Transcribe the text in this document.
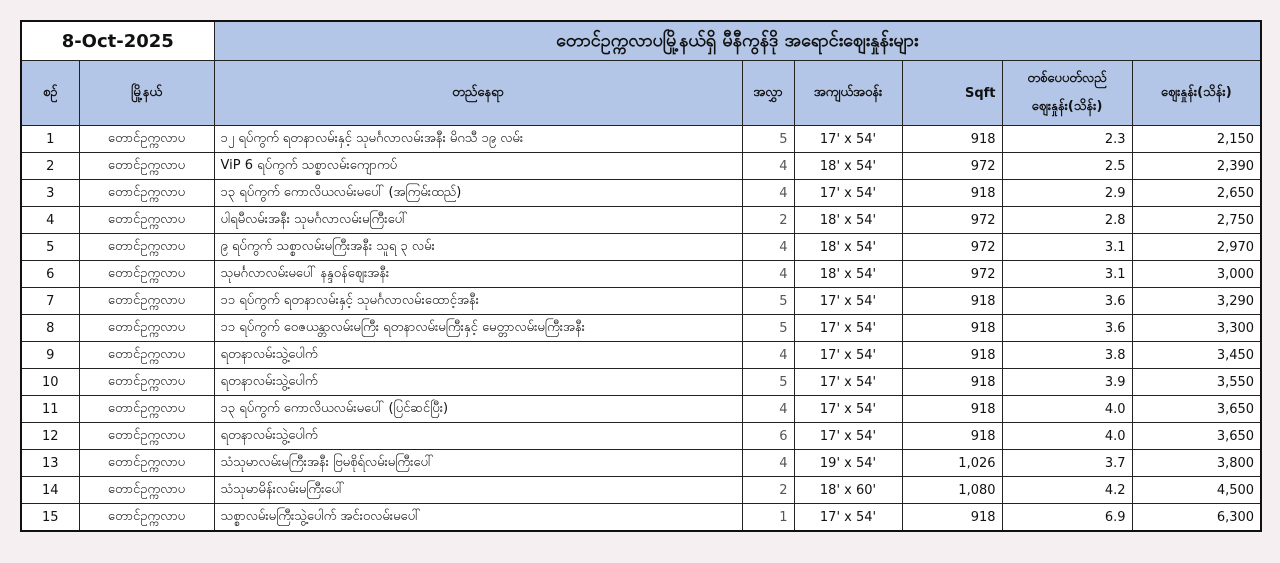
8-Oct-2025		တောင်ဥက္ကလာပမြို့နယ်ရှိ မီနီကွန်ဒို အရောင်းဈေးနှုန်းများ					
စဉ်	မြို့နယ်	တည်နေရာ	အလွှာ	အကျယ်အဝန်း	Sqft	တစ်ပေပတ်လည် ဈေးနှုန်း(သိန်း)	ဈေးနှုန်း(သိန်း)
1	တောင်ဥက္ကလာပ	၁၂ ရပ်ကွက် ရတနာလမ်းနှင့် သုမင်္ဂလာလမ်းအနီး မိဂသီ ၁၉ လမ်း	5	17' x 54'	918	2.3	2,150
2	တောင်ဥက္ကလာပ	ViP 6 ရပ်ကွက် သစ္စာလမ်းကျောကပ်	4	18' x 54'	972	2.5	2,390
3	တောင်ဥက္ကလာပ	၁၃ ရပ်ကွက် ကောလိယလမ်းမပေါ် (အကြမ်းထည်)	4	17' x 54'	918	2.9	2,650
4	တောင်ဥက္ကလာပ	ပါရမီလမ်းအနီး သုမင်္ဂလာလမ်းမကြီးပေါ်	2	18' x 54'	972	2.8	2,750
5	တောင်ဥက္ကလာပ	၉ ရပ်ကွက် သစ္စာလမ်းမကြီးအနီး သူရ ၃ လမ်း	4	18' x 54'	972	3.1	2,970
6	တောင်ဥက္ကလာပ	သုမင်္ဂလာလမ်းမပေါ် နန္ဒဝန်ဈေးအနီး	4	18' x 54'	972	3.1	3,000
7	တောင်ဥက္ကလာပ	၁၁ ရပ်ကွက် ရတနာလမ်းနှင့် သုမင်္ဂလာလမ်းထောင့်အနီး	5	17' x 54'	918	3.6	3,290
8	တောင်ဥက္ကလာပ	၁၁ ရပ်ကွက် ဝေဇယန္တာလမ်းမကြီး ရတနာလမ်းမကြီးနှင့် မေတ္တာလမ်းမကြီးအနီး	5	17' x 54'	918	3.6	3,300
9	တောင်ဥက္ကလာပ	ရတနာလမ်းသွဲ့ပေါက်	4	17' x 54'	918	3.8	3,450
10	တောင်ဥက္ကလာပ	ရတနာလမ်းသွဲ့ပေါက်	5	17' x 54'	918	3.9	3,550
11	တောင်ဥက္ကလာပ	၁၃ ရပ်ကွက် ကောလိယလမ်းမပေါ် (ပြင်ဆင်ပြီး)	4	17' x 54'	918	4.0	3,650
12	တောင်ဥက္ကလာပ	ရတနာလမ်းသွဲ့ပေါက်	6	17' x 54'	918	4.0	3,650
13	တောင်ဥက္ကလာပ	သံသုမာလမ်းမကြီးအနီး ဗြမစိုရ်လမ်းမကြီးပေါ်	4	19' x 54'	1,026	3.7	3,800
14	တောင်ဥက္ကလာပ	သံသုမာမိန်းလမ်းမကြီးပေါ်	2	18' x 60'	1,080	4.2	4,500
15	တောင်ဥက္ကလာပ	သစ္စာလမ်းမကြီးသွဲ့ပေါက် အင်းဝလမ်းမပေါ်	1	17' x 54'	918	6.9	6,300
